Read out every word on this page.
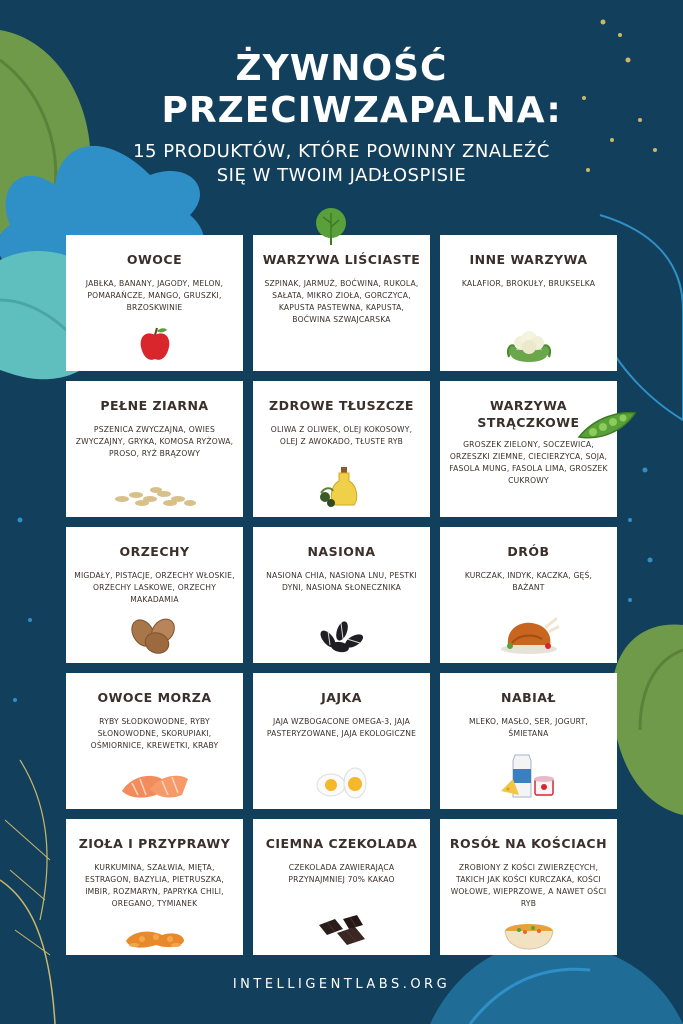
ŻYWNOŚĆ PRZECIWZAPALNA:
15 PRODUKTÓW, KTÓRE POWINNY ZNALEŹĆ SIĘ W TWOIM JADŁOSPISIE
OWOCE
JABŁKA, BANANY, JAGODY, MELON, POMARAŃCZE, MANGO, GRUSZKI, BRZOSKWINIE
WARZYWA LIŚCIASTE
SZPINAK, JARMUŻ, BOĆWINA, RUKOLA, SAŁATA, MIKRO ZIOŁA, GORCZYCA, KAPUSTA PASTEWNA, KAPUSTA, BOĆWINA SZWAJCARSKA
INNE WARZYWA
KALAFIOR, BROKUŁY, BRUKSELKA
PEŁNE ZIARNA
PSZENICA ZWYCZAJNA, OWIES ZWYCZAJNY, GRYKA, KOMOSA RYŻOWA, PROSO, RYŻ BRĄZOWY
ZDROWE TŁUSZCZE
OLIWA Z OLIWEK, OLEJ KOKOSOWY, OLEJ Z AWOKADO, TŁUSTE RYB
WARZYWA STRĄCZKOWE
GROSZEK ZIELONY, SOCZEWICA, ORZESZKI ZIEMNE, CIECIERZYCA, SOJA, FASOLA MUNG, FASOLA LIMA, GROSZEK CUKROWY
ORZECHY
MIGDAŁY, PISTACJE, ORZECHY WŁOSKIE, ORZECHY LASKOWE, ORZECHY MAKADAMIA
NASIONA
NASIONA CHIA, NASIONA LNU, PESTKI DYNI, NASIONA SŁONECZNIKA
DRÓB
KURCZAK, INDYK, KACZKA, GĘŚ, BAŻANT
OWOCE MORZA
RYBY SŁODKOWODNE, RYBY SŁONOWODNE, SKORUPIAKI, OŚMIORNICE, KREWETKI, KRABY
JAJKA
JAJA WZBOGACONE OMEGA-3, JAJA PASTERYZOWANE, JAJA EKOLOGICZNE
NABIAŁ
MLEKO, MASŁO, SER, JOGURT, ŚMIETANA
ZIOŁA I PRZYPRAWY
KURKUMINA, SZAŁWIA, MIĘTA, ESTRAGON, BAZYLIA, PIETRUSZKA, IMBIR, ROZMARYN, PAPRYKA CHILI, OREGANO, TYMIANEK
CIEMNA CZEKOLADA
CZEKOLADA ZAWIERAJĄCA PRZYNAJMNIEJ 70% KAKAO
ROSÓŁ NA KOŚCIACH
ZROBIONY Z KOŚCI ZWIERZĘCYCH, TAKICH JAK KOŚCI KURCZAKA, KOŚCI WOŁOWE, WIEPRZOWE, A NAWET OŚCI RYB
INTELLIGENTLABS.ORG
